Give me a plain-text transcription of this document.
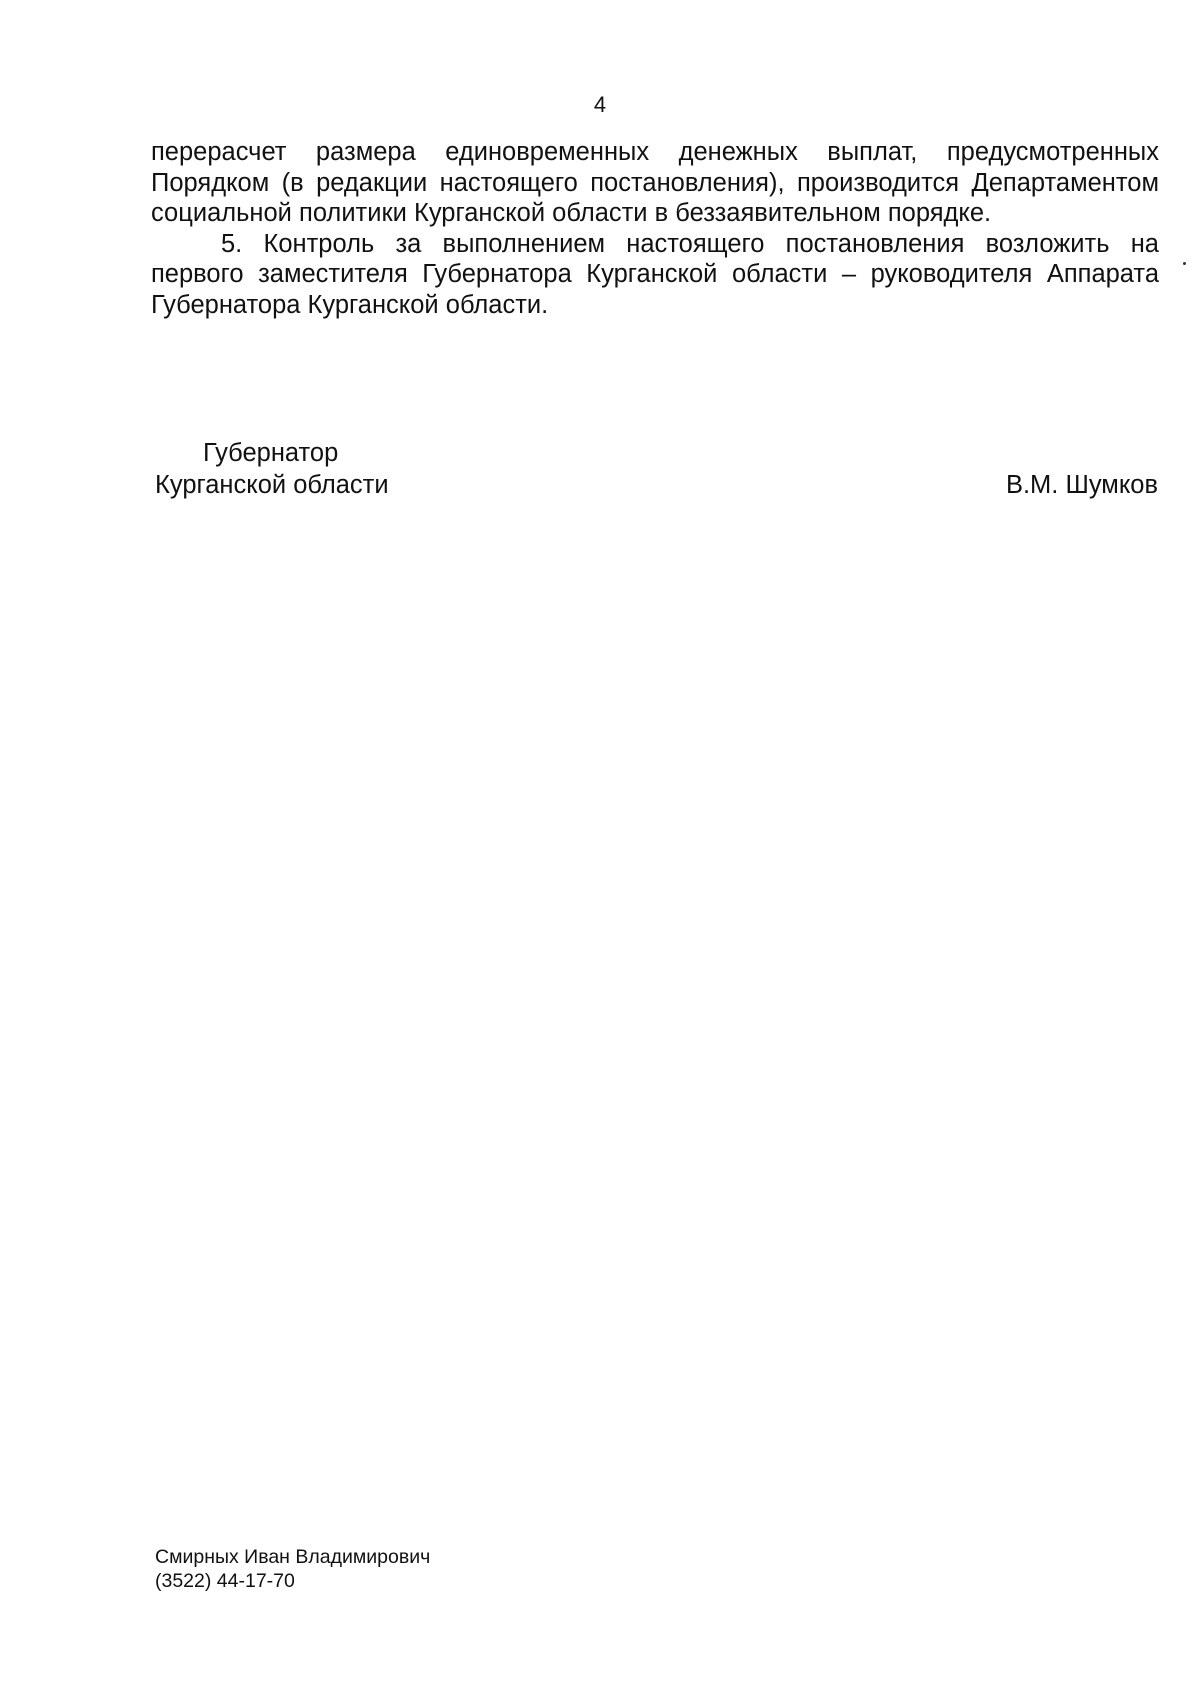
4

перерасчет размера единовременных денежных выплат, предусмотренных Порядком (в редакции настоящего постановления), производится Департаментом социальной политики Курганской области в беззаявительном порядке.

5. Контроль за выполнением настоящего постановления возложить на первого заместителя Губернатора Курганской области – руководителя Аппарата Губернатора Курганской области.

Губернатор
Курганской области	В.М. Шумков
Смирных Иван Владимирович
(3522) 44-17-70
